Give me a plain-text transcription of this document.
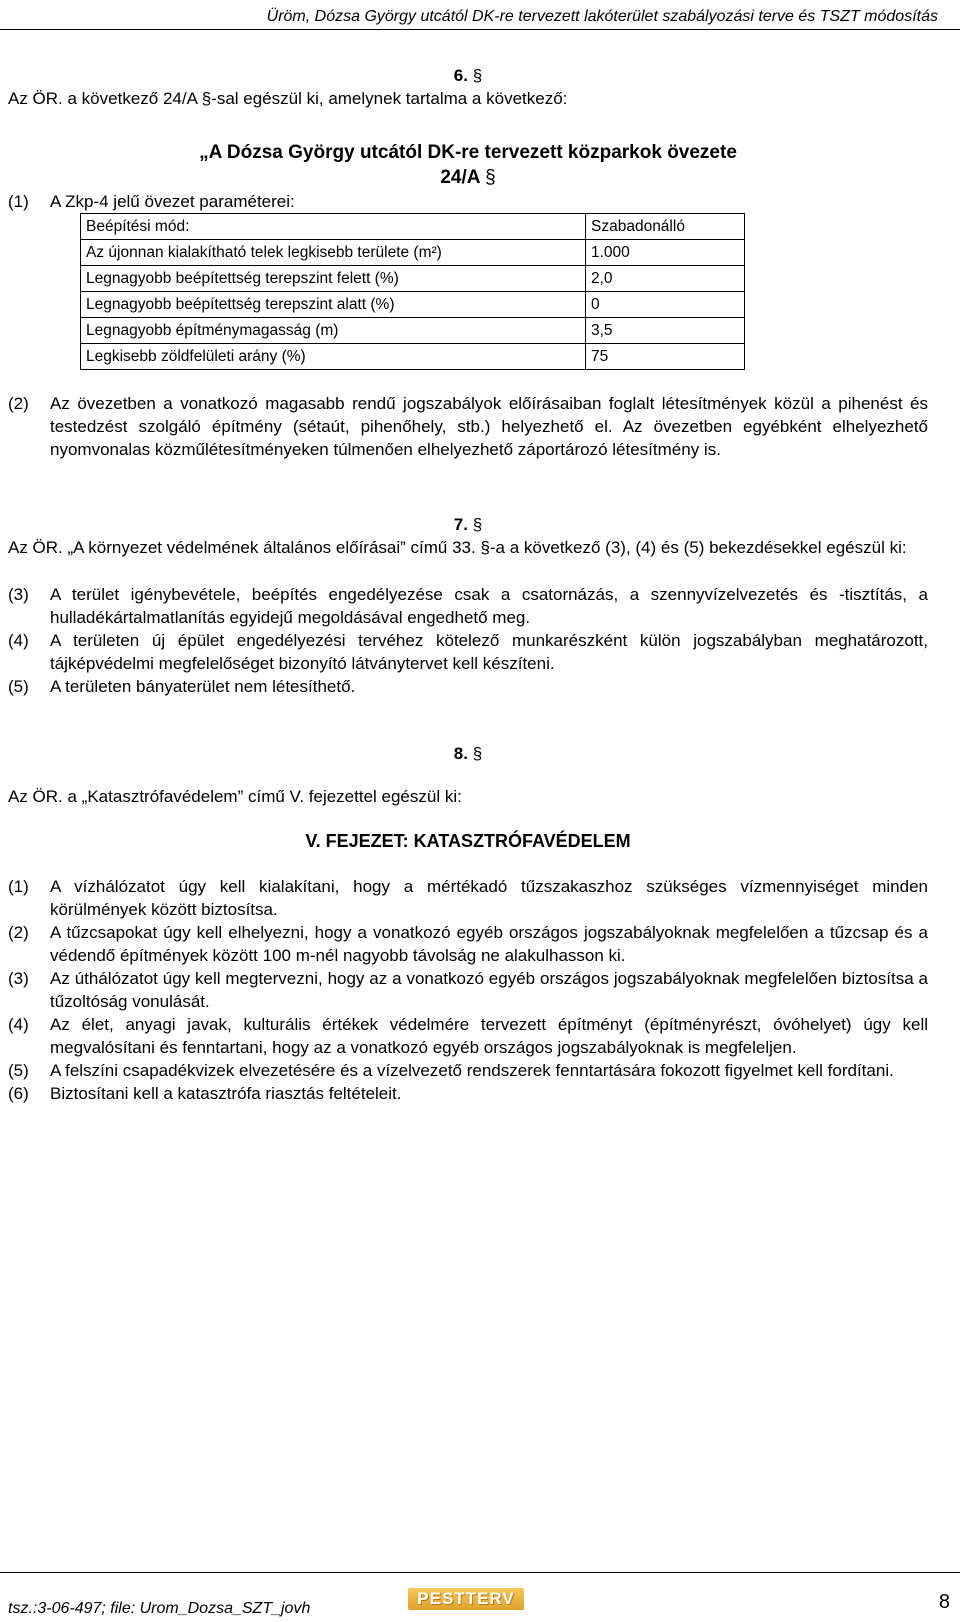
Üröm, Dózsa György utcától DK-re tervezett lakóterület szabályozási terve és TSZT módosítás
6. §

Az ÖR. a következő 24/A §-sal egészül ki, amelynek tartalma a következő:

„A Dózsa György utcától DK-re tervezett közparkok övezete
24/A §
(1)	A Zkp-4 jelű övezet paraméterei:
Beépítési mód:	Szabadonálló
Az újonnan kialakítható telek legkisebb területe (m²)	1.000
Legnagyobb beépítettség terepszint felett (%)	2,0
Legnagyobb beépítettség terepszint alatt (%)	0
Legnagyobb építménymagasság (m)	3,5
Legkisebb zöldfelületi arány (%)	75
(2)	Az övezetben a vonatkozó magasabb rendű jogszabályok előírásaiban foglalt létesítmények közül a pihenést és testedzést szolgáló építmény (sétaút, pihenőhely, stb.) helyezhető el. Az övezetben egyébként elhelyezhető nyomvonalas közműlétesítményeken túlmenően elhelyezhető záportározó létesítmény is.
7. §

Az ÖR. „A környezet védelmének általános előírásai” című 33. §-a a következő (3), (4) és (5) bekezdésekkel egészül ki:

(3)	A terület igénybevétele, beépítés engedélyezése csak a csatornázás, a szennyvízelvezetés és -tisztítás, a hulladékártalmatlanítás egyidejű megoldásával engedhető meg.
(4)	A területen új épület engedélyezési tervéhez kötelező munkarészként külön jogszabályban meghatározott, tájképvédelmi megfelelőséget bizonyító látványtervet kell készíteni.
(5)	A területen bányaterület nem létesíthető.
8. §

Az ÖR. a „Katasztrófavédelem” című V. fejezettel egészül ki:

V. FEJEZET: KATASZTRÓFAVÉDELEM
(1)	A vízhálózatot úgy kell kialakítani, hogy a mértékadó tűzszakaszhoz szükséges vízmennyiséget minden körülmények között biztosítsa.
(2)	A tűzcsapokat úgy kell elhelyezni, hogy a vonatkozó egyéb országos jogszabályoknak megfelelően a tűzcsap és a védendő építmények között 100 m-nél nagyobb távolság ne alakulhasson ki.
(3)	Az úthálózatot úgy kell megtervezni, hogy az a vonatkozó egyéb országos jogszabályoknak megfelelően biztosítsa a tűzoltóság vonulását.
(4)	Az élet, anyagi javak, kulturális értékek védelmére tervezett építményt (építményrészt, óvóhelyet) úgy kell megvalósítani és fenntartani, hogy az a vonatkozó egyéb országos jogszabályoknak is megfeleljen.
(5)	A felszíni csapadékvizek elvezetésére és a vízelvezető rendszerek fenntartására fokozott figyelmet kell fordítani.
(6)	Biztosítani kell a katasztrófa riasztás feltételeit.
tsz.:3-06-497; file: Urom_Dozsa_SZT_jovh
PESTTERV	8
